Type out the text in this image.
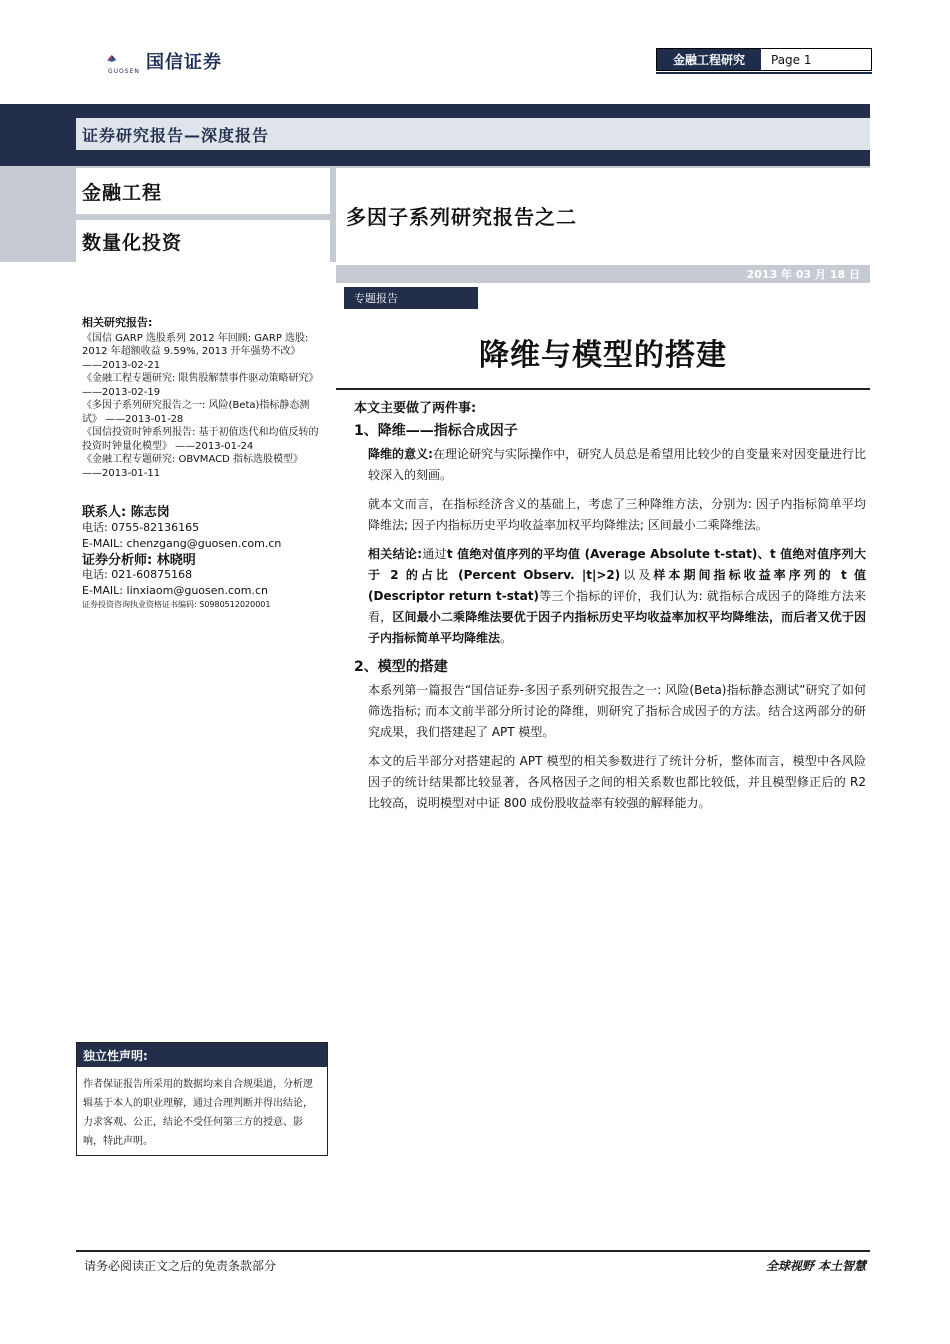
国信证券
GUOSEN
金融工程研究	Page 1
证券研究报告—深度报告
金融工程
数量化投资
多因子系列研究报告之二
2013 年 03 月 18 日
专题报告
降维与模型的搭建
相关研究报告:

《国信 GARP 选股系列 2012 年回顾: GARP 选股: 2012 年超额收益 9.59%, 2013 开年强势不改》 ——2013-02-21

《金融工程专题研究: 限售股解禁事件驱动策略研究》 ——2013-02-19

《多因子系列研究报告之一: 风险(Beta)指标静态测试》 ——2013-01-28

《国信投资时钟系列报告: 基于初值迭代和均值反转的投资时钟量化模型》 ——2013-01-24

《金融工程专题研究: OBVMACD 指标选股模型》 ——2013-01-11

联系人: 陈志岗
电话: 0755-82136165
E-MAIL: chenzgang@guosen.com.cn
证券分析师: 林晓明
电话: 021-60875168
E-MAIL: linxiaom@guosen.com.cn
证券投资咨询执业资格证书编码: S0980512020001
独立性声明:
作者保证报告所采用的数据均来自合规渠道，分析逻辑基于本人的职业理解，通过合理判断并得出结论，力求客观、公正，结论不受任何第三方的授意、影响，特此声明。
本文主要做了两件事:
1、降维——指标合成因子
降维的意义:在理论研究与实际操作中，研究人员总是希望用比较少的自变量来对因变量进行比较深入的刻画。
就本文而言，在指标经济含义的基础上，考虑了三种降维方法，分别为: 因子内指标简单平均降维法; 因子内指标历史平均收益率加权平均降维法; 区间最小二乘降维法。
相关结论:通过t 值绝对值序列的平均值 (Average Absolute t-stat)、t 值绝对值序列大于 2 的占比 (Percent Observ. |t|>2)以及样本期间指标收益率序列的 t 值 (Descriptor return t-stat)等三个指标的评价，我们认为: 就指标合成因子的降维方法来看，区间最小二乘降维法要优于因子内指标历史平均收益率加权平均降维法，而后者又优于因子内指标简单平均降维法。
2、模型的搭建
本系列第一篇报告“国信证券-多因子系列研究报告之一: 风险(Beta)指标静态测试”研究了如何筛选指标; 而本文前半部分所讨论的降维，则研究了指标合成因子的方法。结合这两部分的研究成果，我们搭建起了 APT 模型。
本文的后半部分对搭建起的 APT 模型的相关参数进行了统计分析，整体而言，模型中各风险因子的统计结果都比较显著，各风格因子之间的相关系数也都比较低，并且模型修正后的 R2 比较高，说明模型对中证 800 成份股收益率有较强的解释能力。
请务必阅读正文之后的免责条款部分	全球视野 本土智慧
